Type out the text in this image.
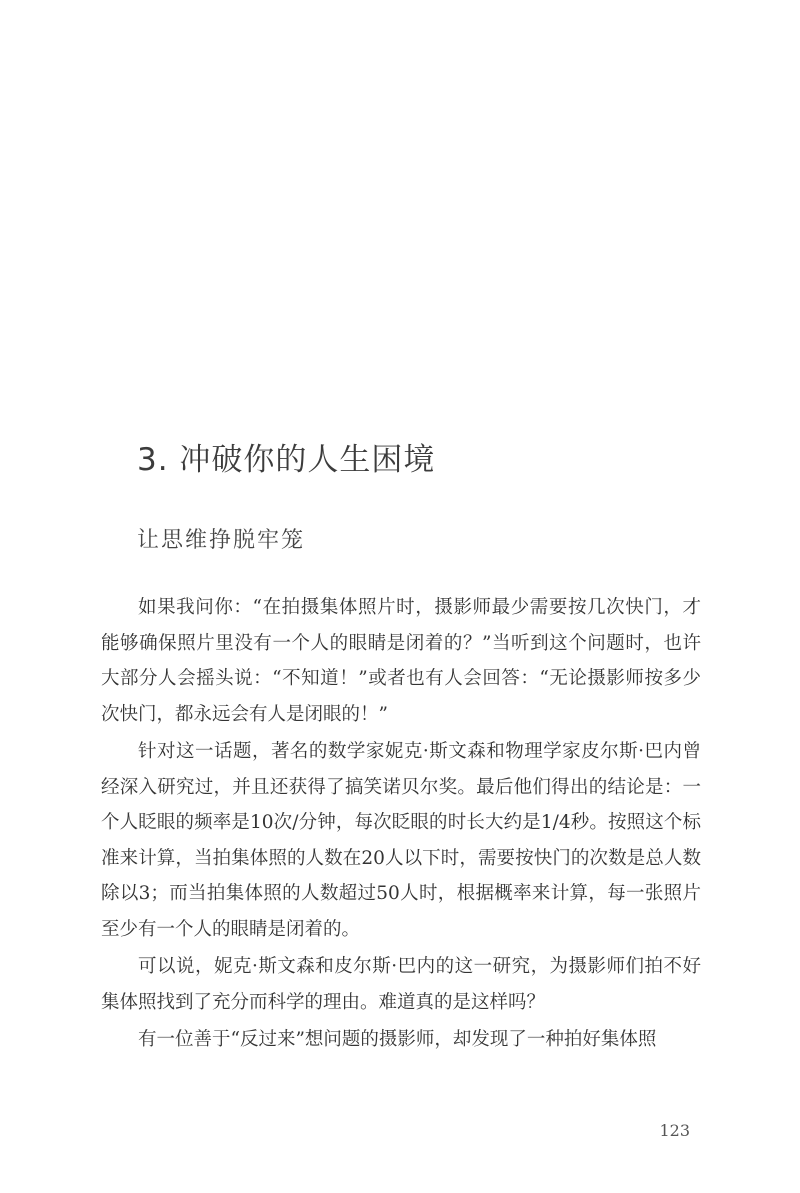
3. 冲破你的人生困境
让思维挣脱牢笼

如果我问你：“在拍摄集体照片时，摄影师最少需要按几次快门，才能够确保照片里没有一个人的眼睛是闭着的？”当听到这个问题时，也许大部分人会摇头说：“不知道！”或者也有人会回答：“无论摄影师按多少次快门，都永远会有人是闭眼的！”

针对这一话题，著名的数学家妮克·斯文森和物理学家皮尔斯·巴内曾经深入研究过，并且还获得了搞笑诺贝尔奖。最后他们得出的结论是：一个人眨眼的频率是10次/分钟，每次眨眼的时长大约是1/4秒。按照这个标准来计算，当拍集体照的人数在20人以下时，需要按快门的次数是总人数除以3；而当拍集体照的人数超过50人时，根据概率来计算，每一张照片至少有一个人的眼睛是闭着的。

可以说，妮克·斯文森和皮尔斯·巴内的这一研究，为摄影师们拍不好集体照找到了充分而科学的理由。难道真的是这样吗？

有一位善于“反过来”想问题的摄影师，却发现了一种拍好集体照

123
